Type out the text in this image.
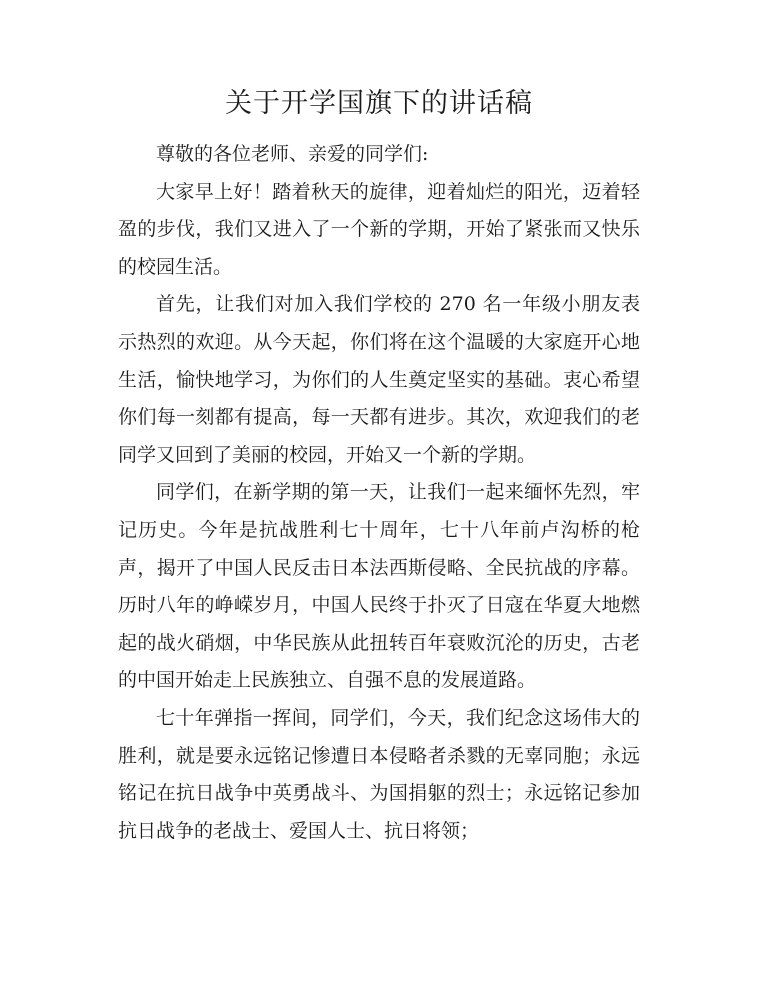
关于开学国旗下的讲话稿

尊敬的各位老师、亲爱的同学们:

大家早上好！踏着秋天的旋律，迎着灿烂的阳光，迈着轻盈的步伐，我们又进入了一个新的学期，开始了紧张而又快乐的校园生活。

首先，让我们对加入我们学校的 270 名一年级小朋友表示热烈的欢迎。从今天起，你们将在这个温暖的大家庭开心地生活，愉快地学习，为你们的人生奠定坚实的基础。衷心希望你们每一刻都有提高，每一天都有进步。其次，欢迎我们的老同学又回到了美丽的校园，开始又一个新的学期。

同学们，在新学期的第一天，让我们一起来缅怀先烈，牢记历史。今年是抗战胜利七十周年，七十八年前卢沟桥的枪声，揭开了中国人民反击日本法西斯侵略、全民抗战的序幕。历时八年的峥嵘岁月，中国人民终于扑灭了日寇在华夏大地燃起的战火硝烟，中华民族从此扭转百年衰败沉沦的历史，古老的中国开始走上民族独立、自强不息的发展道路。

七十年弹指一挥间，同学们，今天，我们纪念这场伟大的胜利，就是要永远铭记惨遭日本侵略者杀戮的无辜同胞；永远铭记在抗日战争中英勇战斗、为国捐躯的烈士；永远铭记参加抗日战争的老战士、爱国人士、抗日将领；
